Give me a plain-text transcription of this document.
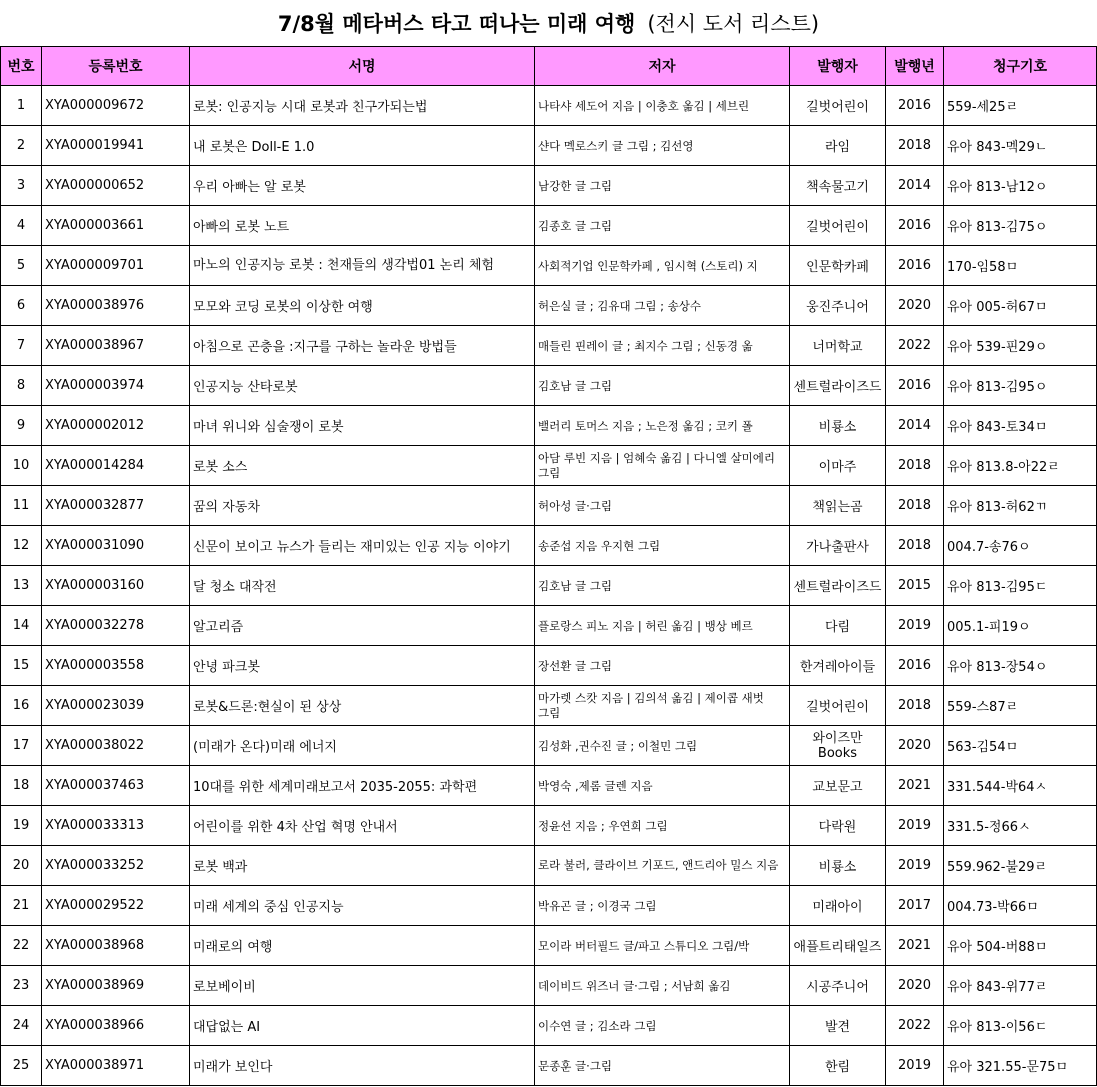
7/8월 메타버스 타고 떠나는 미래 여행 (전시 도서 리스트)
번호	등록번호	서명	저자	발행자	발행년	청구기호
1	XYA000009672	로봇: 인공지능 시대 로봇과 친구가되는법	나타샤 세도어 지음 | 이충호 옮김 | 세브린	길벗어린이	2016	559-세25ㄹ
2	XYA000019941	내 로봇은 Doll-E 1.0	샨다 멕로스키 글 그림 ; 김선영	라임	2018	유아 843-멕29ㄴ
3	XYA000000652	우리 아빠는 알 로봇	남강한 글 그림	책속물고기	2014	유아 813-남12ㅇ
4	XYA000003661	아빠의 로봇 노트	김종호 글 그림	길벗어린이	2016	유아 813-김75ㅇ
5	XYA000009701	마노의 인공지능 로봇 : 천재들의 생각법01 논리 체험	사회적기업 인문학카페 , 임시혁 (스토리) 지	인문학카페	2016	170-임58ㅁ
6	XYA000038976	모모와 코딩 로봇의 이상한 여행	허은실 글 ; 김유대 그림 ; 송상수	웅진주니어	2020	유아 005-허67ㅁ
7	XYA000038967	아침으로 곤충을 :지구를 구하는 놀라운 방법들	매들린 핀레이 글 ; 최지수 그림 ; 신동경 옮	너머학교	2022	유아 539-핀29ㅇ
8	XYA000003974	인공지능 산타로봇	김호남 글 그림	센트럴라이즈드	2016	유아 813-김95ㅇ
9	XYA000002012	마녀 위니와 심술쟁이 로봇	밸러리 토머스 지음 ; 노은정 옮김 ; 코키 폴	비룡소	2014	유아 843-토34ㅁ
10	XYA000014284	로봇 소스	아담 루빈 지음 | 엄혜숙 옮김 | 다니엘 살미에리 그림	이마주	2018	유아 813.8-아22ㄹ
11	XYA000032877	꿈의 자동차	허아성 글·그림	책읽는곰	2018	유아 813-허62ㄲ
12	XYA000031090	신문이 보이고 뉴스가 들리는 재미있는 인공 지능 이야기	송준섭 지음 우지현 그림	가나출판사	2018	004.7-송76ㅇ
13	XYA000003160	달 청소 대작전	김호남 글 그림	센트럴라이즈드	2015	유아 813-김95ㄷ
14	XYA000032278	알고리즘	플로랑스 피노 지음 | 허린 옮김 | 뱅상 베르	다림	2019	005.1-피19ㅇ
15	XYA000003558	안녕 파크봇	장선환 글 그림	한겨레아이들	2016	유아 813-장54ㅇ
16	XYA000023039	로봇&드론:현실이 된 상상	마가렛 스캇 지음 | 김의석 옮김 | 제이콥 새벗 그림	길벗어린이	2018	559-스87ㄹ
17	XYA000038022	(미래가 온다)미래 에너지	김성화 ,권수진 글 ; 이철민 그림	와이즈만 Books	2020	563-김54ㅁ
18	XYA000037463	10대를 위한 세계미래보고서 2035-2055: 과학편	박영숙 ,제롬 글렌 지음	교보문고	2021	331.544-박64ㅅ
19	XYA000033313	어린이를 위한 4차 산업 혁명 안내서	정윤선 지음 ; 우연희 그림	다락원	2019	331.5-정66ㅅ
20	XYA000033252	로봇 백과	로라 불러, 클라이브 기포드, 앤드리아 밀스 지음	비룡소	2019	559.962-불29ㄹ
21	XYA000029522	미래 세계의 중심 인공지능	박유곤 글 ; 이경국 그림	미래아이	2017	004.73-박66ㅁ
22	XYA000038968	미래로의 여행	모이라 버터필드 글/파고 스튜디오 그림/박	애플트리태일즈	2021	유아 504-버88ㅁ
23	XYA000038969	로보베이비	데이비드 위즈너 글·그림 ; 서남희 옮김	시공주니어	2020	유아 843-위77ㄹ
24	XYA000038966	대답없는 AI	이수연 글 ; 김소라 그림	발견	2022	유아 813-이56ㄷ
25	XYA000038971	미래가 보인다	문종훈 글·그림	한림	2019	유아 321.55-문75ㅁ
